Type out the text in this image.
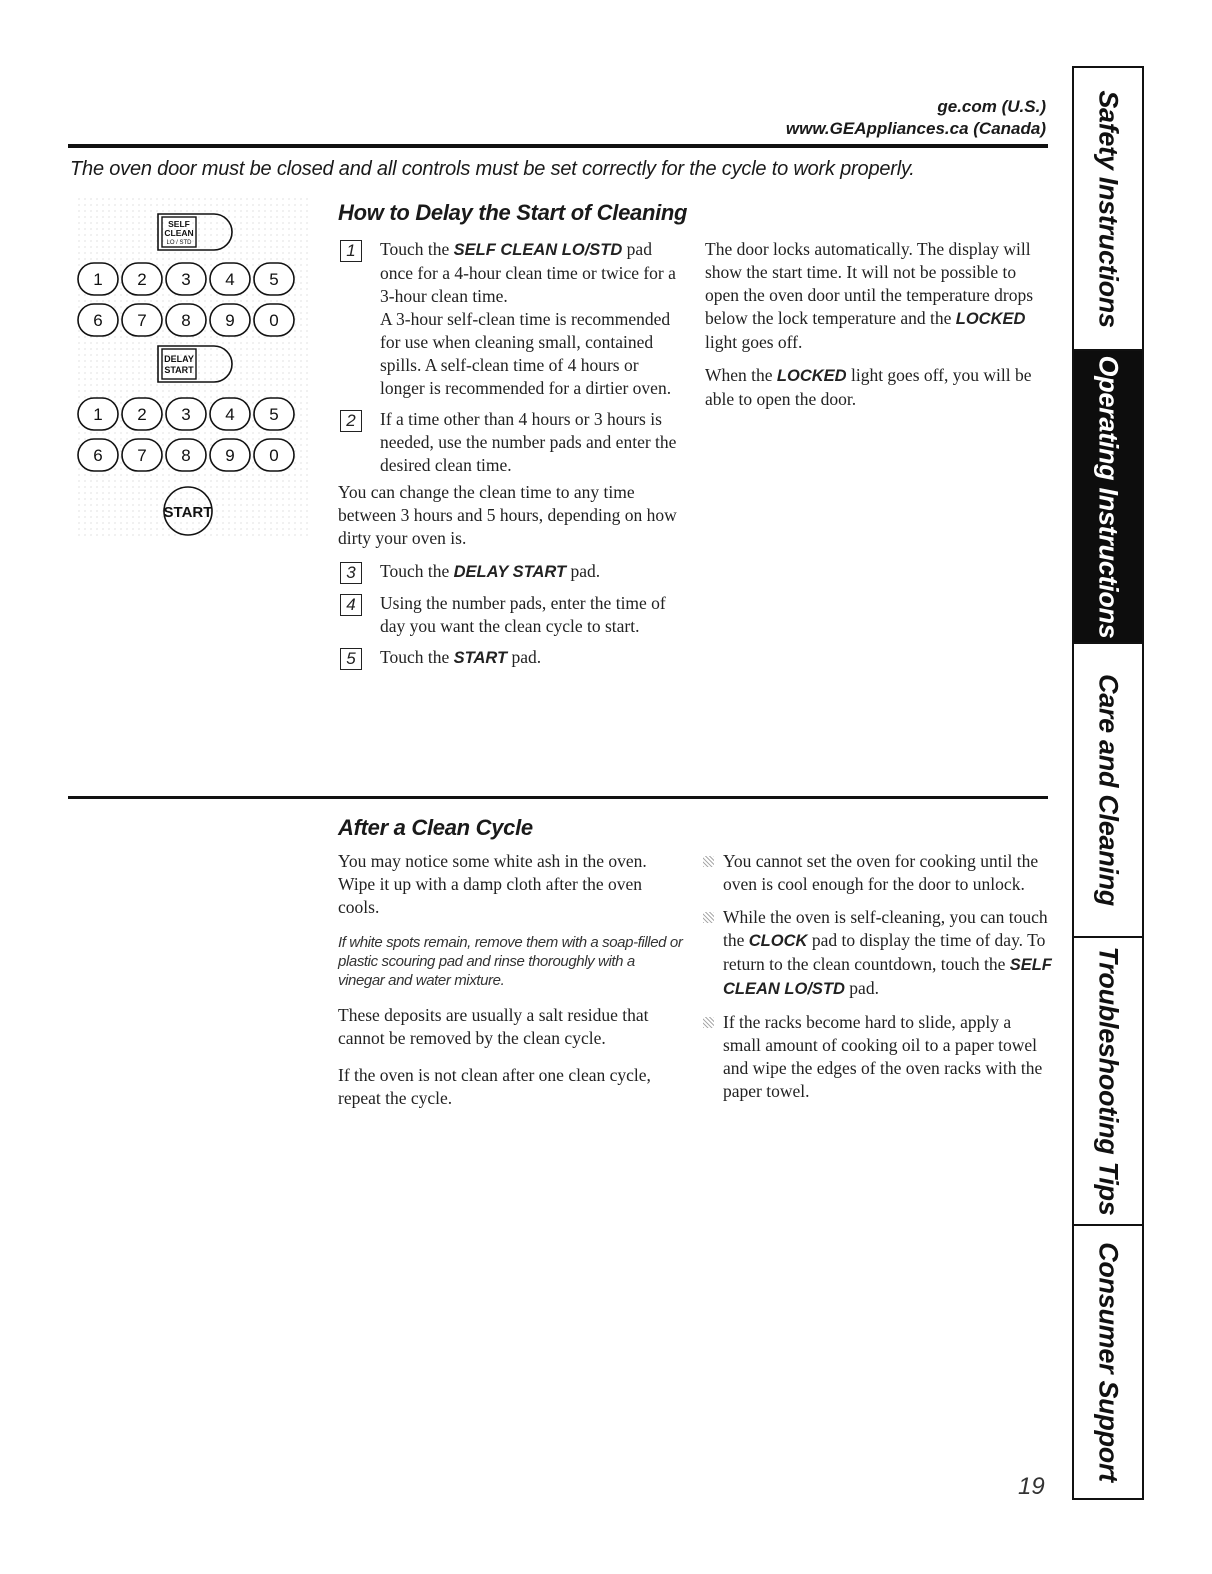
ge.com (U.S.)
www.GEAppliances.ca (Canada)
The oven door must be closed and all controls must be set correctly for the cycle to work properly.
SELF
CLEAN
LO / STD
1 2 3 4 5
6 7 8 9 0
DELAY
START
1 2 3 4 5
6 7 8 9 0
START
How to Delay the Start of Cleaning
1	Touch the SELF CLEAN LO/STD pad once for a 4-hour clean time or twice for a 3-hour clean time.

A 3-hour self-clean time is recommended for use when cleaning small, contained spills. A self-clean time of 4 hours or longer is recommended for a dirtier oven.

2	If a time other than 4 hours or 3 hours is needed, use the number pads and enter the desired clean time.

You can change the clean time to any time between 3 hours and 5 hours, depending on how dirty your oven is.

3	Touch the DELAY START pad.

4	Using the number pads, enter the time of day you want the clean cycle to start.

5	Touch the START pad.

The door locks automatically. The display will show the start time. It will not be possible to open the oven door until the temperature drops below the lock temperature and the LOCKED light goes off.

When the LOCKED light goes off, you will be able to open the door.

After a Clean Cycle

You may notice some white ash in the oven. Wipe it up with a damp cloth after the oven cools.

If white spots remain, remove them with a soap-filled or plastic scouring pad and rinse thoroughly with a vinegar and water mixture.

These deposits are usually a salt residue that cannot be removed by the clean cycle.

If the oven is not clean after one clean cycle, repeat the cycle.

You cannot set the oven for cooking until the oven is cool enough for the door to unlock.

While the oven is self-cleaning, you can touch the CLOCK pad to display the time of day. To return to the clean countdown, touch the SELF CLEAN LO/STD pad.

If the racks become hard to slide, apply a small amount of cooking oil to a paper towel and wipe the edges of the oven racks with the paper towel.

Safety Instructions
Operating Instructions
Care and Cleaning
Troubleshooting Tips
Consumer Support
19
